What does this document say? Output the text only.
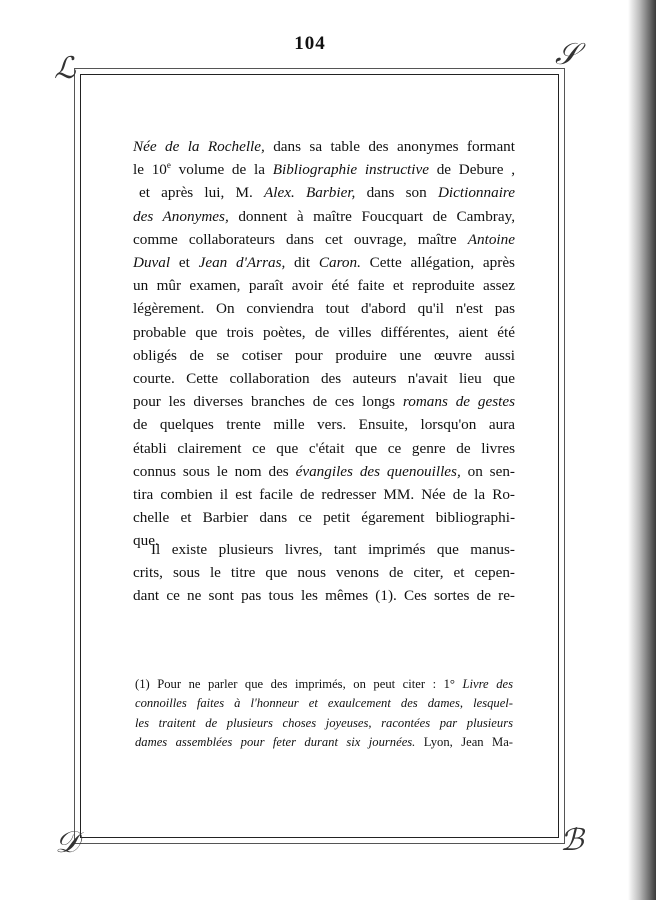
104
ℒ	𝒮
𝒟	ℬ
Née de la Rochelle, dans sa table des anonymes formant
le 10e volume de la Bibliographie instructive de Debure ,
et après lui, M. Alex. Barbier, dans son Dictionnaire
des Anonymes, donnent à maître Foucquart de Cambray,
comme collaborateurs dans cet ouvrage, maître Antoine
Duval et Jean d'Arras, dit Caron. Cette allégation, après
un mûr examen, paraît avoir été faite et reproduite assez
légèrement. On conviendra tout d'abord qu'il n'est pas
probable que trois poètes, de villes différentes, aient été
obligés de se cotiser pour produire une œuvre aussi
courte. Cette collaboration des auteurs n'avait lieu que
pour les diverses branches de ces longs romans de gestes
de quelques trente mille vers. Ensuite, lorsqu'on aura
établi clairement ce que c'était que ce genre de livres
connus sous le nom des évangiles des quenouilles, on sen-
tira combien il est facile de redresser MM. Née de la Ro-
chelle et Barbier dans ce petit égarement bibliographi-
que.
Il existe plusieurs livres, tant imprimés que manus-
crits, sous le titre que nous venons de citer, et cepen-
dant ce ne sont pas tous les mêmes (1). Ces sortes de re-
(1) Pour ne parler que des imprimés, on peut citer : 1° Livre des
connoilles faites à l'honneur et exaulcement des dames, lesquel-
les traitent de plusieurs choses joyeuses, racontées par plusieurs
dames assemblées pour feter durant six journées. Lyon, Jean Ma-
